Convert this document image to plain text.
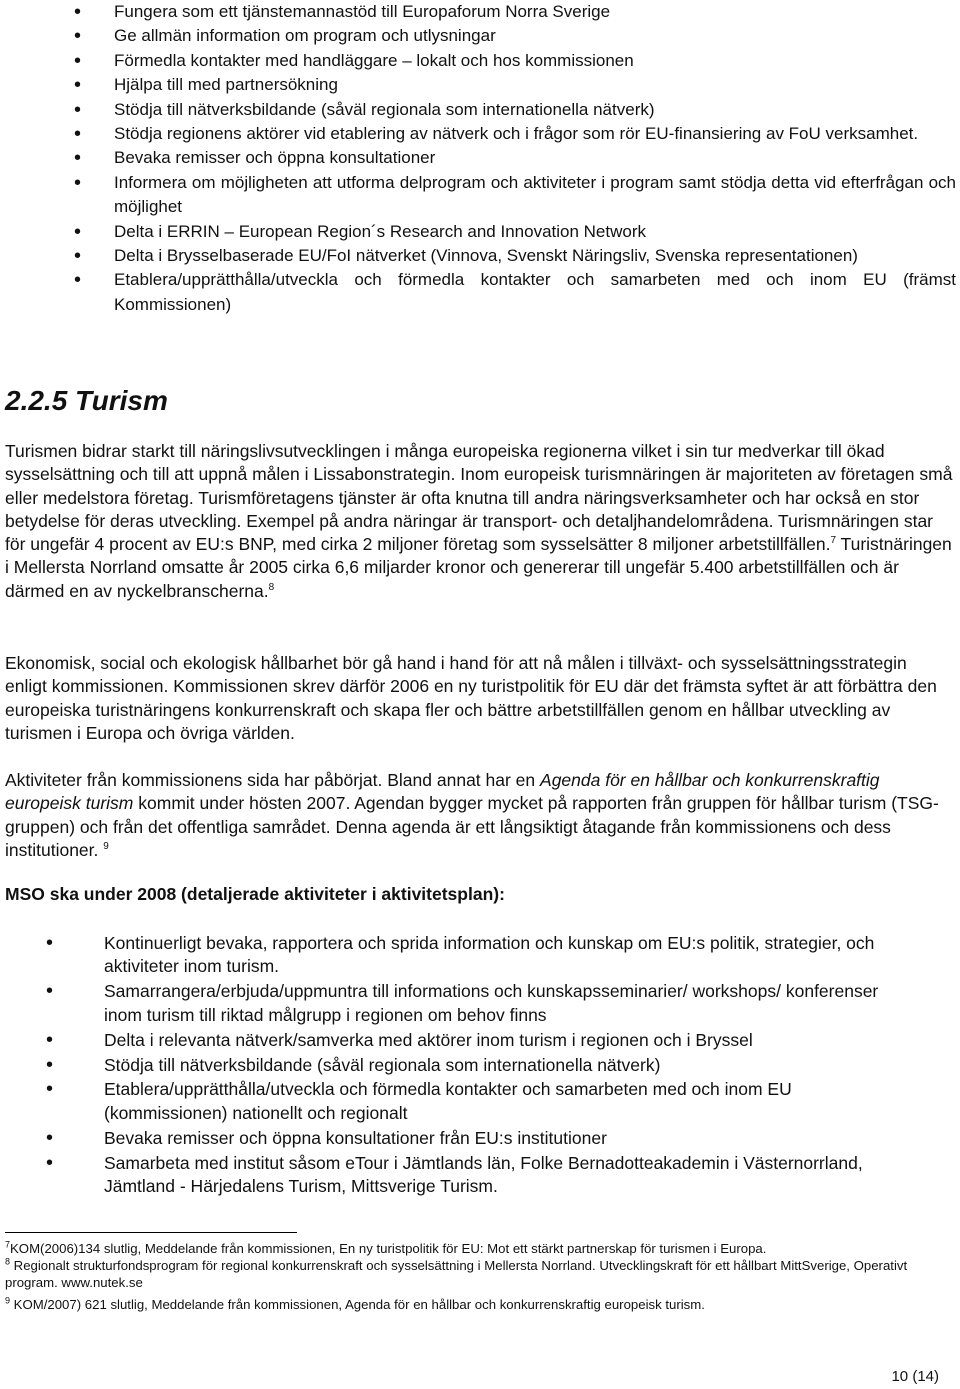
• Fungera som ett tjänstemannastöd till Europaforum Norra Sverige
• Ge allmän information om program och utlysningar
• Förmedla kontakter med handläggare – lokalt och hos kommissionen
• Hjälpa till med partnersökning
• Stödja till nätverksbildande (såväl regionala som internationella nätverk)
• Stödja regionens aktörer vid etablering av nätverk och i frågor som rör EU-finansiering av FoU verksamhet.
• Bevaka remisser och öppna konsultationer
• Informera om möjligheten att utforma delprogram och aktiviteter i program samt stödja detta vid efterfrågan och möjlighet
• Delta i ERRIN – European Region´s Research and Innovation Network
• Delta i Brysselbaserade EU/FoI nätverket (Vinnova, Svenskt Näringsliv, Svenska representationen)
• Etablera/upprätthålla/utveckla och förmedla kontakter och samarbeten med och inom EU (främst Kommissionen)
2.2.5 Turism

Turismen bidrar starkt till näringslivsutvecklingen i många europeiska regionerna vilket i sin tur medverkar till ökad sysselsättning och till att uppnå målen i Lissabonstrategin. Inom europeisk turismnäringen är majoriteten av företagen små eller medelstora företag. Turismföretagens tjänster är ofta knutna till andra näringsverksamheter och har också en stor betydelse för deras utveckling. Exempel på andra näringar är transport- och detaljhandelområdena. Turismnäringen star för ungefär 4 procent av EU:s BNP, med cirka 2 miljoner företag som sysselsätter 8 miljoner arbetstillfällen.$^7$ Turistnäringen i Mellersta Norrland omsatte år 2005 cirka 6,6 miljarder kronor och genererar till ungefär 5.400 arbetstillfällen och är därmed en av nyckelbranscherna.$^8$

Ekonomisk, social och ekologisk hållbarhet bör gå hand i hand för att nå målen i tillväxt- och sysselsättningsstrategin enligt kommissionen. Kommissionen skrev därför 2006 en ny turistpolitik för EU där det främsta syftet är att förbättra den europeiska turistnäringens konkurrenskraft och skapa fler och bättre arbetstillfällen genom en hållbar utveckling av turismen i Europa och övriga världen.

Aktiviteter från kommissionens sida har påbörjat. Bland annat har en Agenda för en hållbar och konkurrenskraftig europeisk turism kommit under hösten 2007. Agendan bygger mycket på rapporten från gruppen för hållbar turism (TSG-gruppen) och från det offentliga samrådet. Denna agenda är ett långsiktigt åtagande från kommissionens och dess institutioner. $^9$

MSO ska under 2008 (detaljerade aktiviteter i aktivitetsplan):

•	Kontinuerligt bevaka, rapportera och sprida information och kunskap om EU:s politik, strategier, och aktiviteter inom turism.
•	Samarrangera/erbjuda/uppmuntra till informations och kunskapsseminarier/ workshops/ konferenser inom turism till riktad målgrupp i regionen om behov finns
•	Delta i relevanta nätverk/samverka med aktörer inom turism i regionen och i Bryssel
•	Stödja till nätverksbildande (såväl regionala som internationella nätverk)
•	Etablera/upprätthålla/utveckla och förmedla kontakter och samarbeten med och inom EU (kommissionen) nationellt och regionalt
•	Bevaka remisser och öppna konsultationer från EU:s institutioner
•	Samarbeta med institut såsom eTour i Jämtlands län, Folke Bernadotteakademin i Västernorrland, Jämtland - Härjedalens Turism, Mittsverige Turism.

$^7$KOM(2006)134 slutlig, Meddelande från kommissionen, En ny turistpolitik för EU: Mot ett stärkt partnerskap för turismen i Europa.

$^8$ Regionalt strukturfondsprogram för regional konkurrenskraft och sysselsättning i Mellersta Norrland. Utvecklingskraft för ett hållbart MittSverige, Operativt program. www.nutek.se

$^9$ KOM/2007) 621 slutlig, Meddelande från kommissionen, Agenda för en hållbar och konkurrenskraftig europeisk turism.

10 (14)
